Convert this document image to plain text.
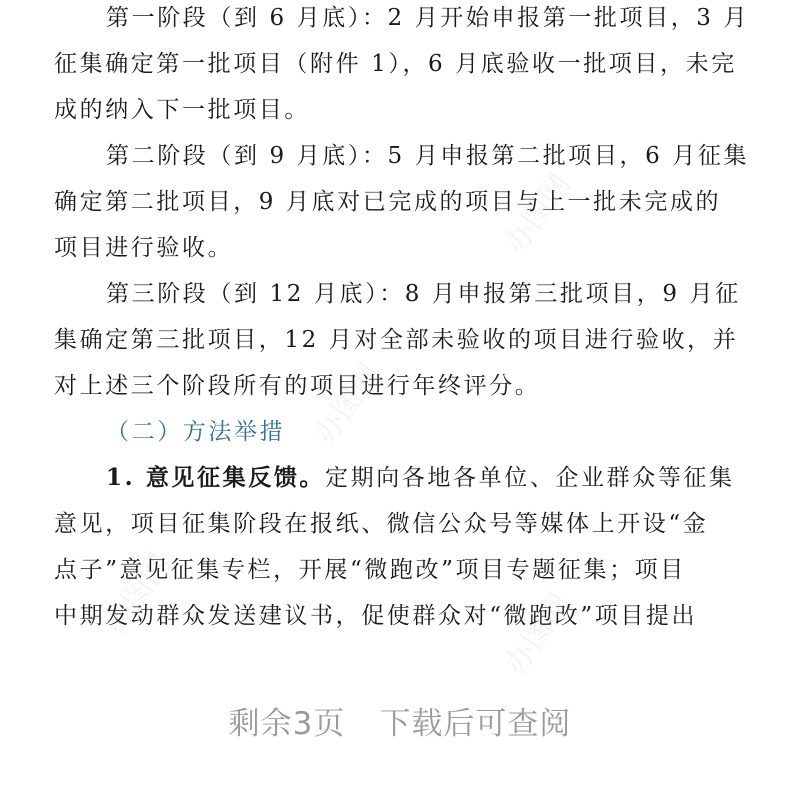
第一阶段（到 6 月底）：2 月开始申报第一批项目，3 月
征集确定第一批项目（附件 1），6 月底验收一批项目，未完
成的纳入下一批项目。
第二阶段（到 9 月底）：5 月申报第二批项目，6 月征集
确定第二批项目，9 月底对已完成的项目与上一批未完成的
项目进行验收。
第三阶段（到 12 月底）：8 月申报第三批项目，9 月征
集确定第三批项目，12 月对全部未验收的项目进行验收，并
对上述三个阶段所有的项目进行年终评分。
（二）方法举措
1. 意见征集反馈。定期向各地各单位、企业群众等征集
意见，项目征集阶段在报纸、微信公众号等媒体上开设“金
点子”意见征集专栏，开展“微跑改”项目专题征集；项目
中期发动群众发送建议书，促使群众对“微跑改”项目提出
办图网
办图网
办图网	办图网
剩余3页 下载后可查阅
